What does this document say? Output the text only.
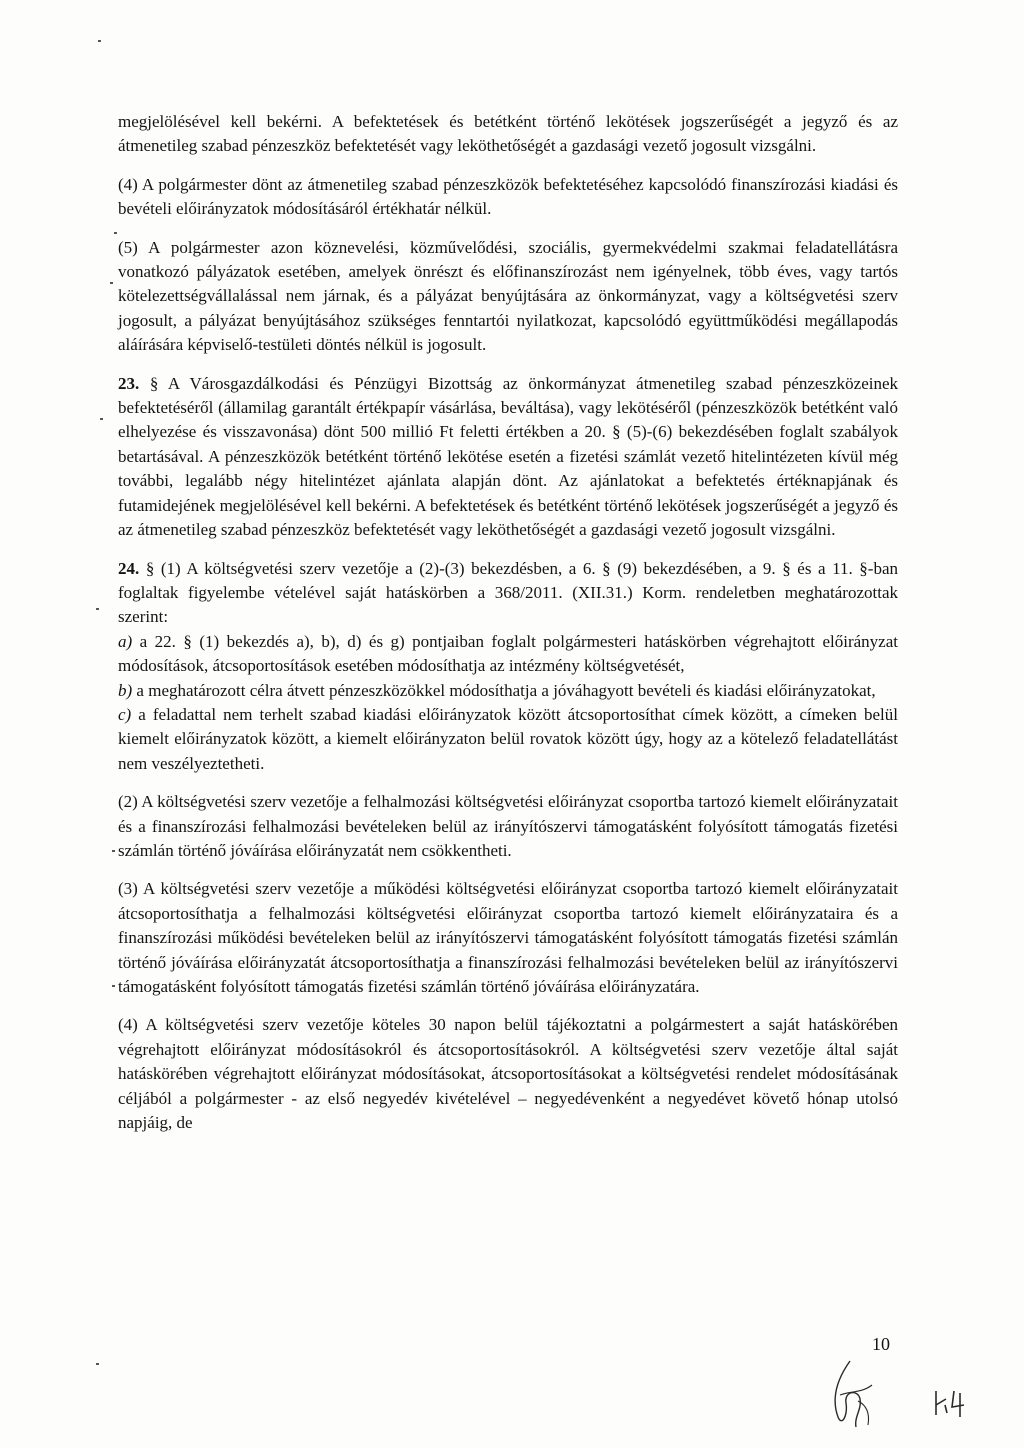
megjelölésével kell bekérni. A befektetések és betétként történő lekötések jogszerűségét a jegyző és az átmenetileg szabad pénzeszköz befektetését vagy leköthetőségét a gazdasági vezető jogosult vizsgálni.

(4) A polgármester dönt az átmenetileg szabad pénzeszközök befektetéséhez kapcsolódó finanszírozási kiadási és bevételi előirányzatok módosításáról értékhatár nélkül.

(5) A polgármester azon köznevelési, közművelődési, szociális, gyermekvédelmi szakmai feladatellátásra vonatkozó pályázatok esetében, amelyek önrészt és előfinanszírozást nem igényelnek, több éves, vagy tartós kötelezettségvállalással nem járnak, és a pályázat benyújtására az önkormányzat, vagy a költségvetési szerv jogosult, a pályázat benyújtásához szükséges fenntartói nyilatkozat, kapcsolódó együttműködési megállapodás aláírására képviselő-testületi döntés nélkül is jogosult.

23. § A Városgazdálkodási és Pénzügyi Bizottság az önkormányzat átmenetileg szabad pénzeszközeinek befektetéséről (államilag garantált értékpapír vásárlása, beváltása), vagy lekötéséről (pénzeszközök betétként való elhelyezése és visszavonása) dönt 500 millió Ft feletti értékben a 20. § (5)-(6) bekezdésében foglalt szabályok betartásával. A pénzeszközök betétként történő lekötése esetén a fizetési számlát vezető hitelintézeten kívül még további, legalább négy hitelintézet ajánlata alapján dönt. Az ajánlatokat a befektetés értéknapjának és futamidejének megjelölésével kell bekérni. A befektetések és betétként történő lekötések jogszerűségét a jegyző és az átmenetileg szabad pénzeszköz befektetését vagy leköthetőségét a gazdasági vezető jogosult vizsgálni.

24. § (1) A költségvetési szerv vezetője a (2)-(3) bekezdésben, a 6. § (9) bekezdésében, a 9. § és a 11. §-ban foglaltak figyelembe vételével saját hatáskörben a 368/2011. (XII.31.) Korm. rendeletben meghatározottak szerint:

a) a 22. § (1) bekezdés a), b), d) és g) pontjaiban foglalt polgármesteri hatáskörben végrehajtott előirányzat módosítások, átcsoportosítások esetében módosíthatja az intézmény költségvetését,

b) a meghatározott célra átvett pénzeszközökkel módosíthatja a jóváhagyott bevételi és kiadási előirányzatokat,

c) a feladattal nem terhelt szabad kiadási előirányzatok között átcsoportosíthat címek között, a címeken belül kiemelt előirányzatok között, a kiemelt előirányzaton belül rovatok között úgy, hogy az a kötelező feladatellátást nem veszélyeztetheti.

(2) A költségvetési szerv vezetője a felhalmozási költségvetési előirányzat csoportba tartozó kiemelt előirányzatait és a finanszírozási felhalmozási bevételeken belül az irányítószervi támogatásként folyósított támogatás fizetési számlán történő jóváírása előirányzatát nem csökkentheti.

(3) A költségvetési szerv vezetője a működési költségvetési előirányzat csoportba tartozó kiemelt előirányzatait átcsoportosíthatja a felhalmozási költségvetési előirányzat csoportba tartozó kiemelt előirányzataira és a finanszírozási működési bevételeken belül az irányítószervi támogatásként folyósított támogatás fizetési számlán történő jóváírása előirányzatát átcsoportosíthatja a finanszírozási felhalmozási bevételeken belül az irányítószervi támogatásként folyósított támogatás fizetési számlán történő jóváírása előirányzatára.

(4) A költségvetési szerv vezetője köteles 30 napon belül tájékoztatni a polgármestert a saját hatáskörében végrehajtott előirányzat módosításokról és átcsoportosításokról. A költségvetési szerv vezetője által saját hatáskörében végrehajtott előirányzat módosításokat, átcsoportosításokat a költségvetési rendelet módosításának céljából a polgármester - az első negyedév kivételével – negyedévenként a negyedévet követő hónap utolsó napjáig, de

10
